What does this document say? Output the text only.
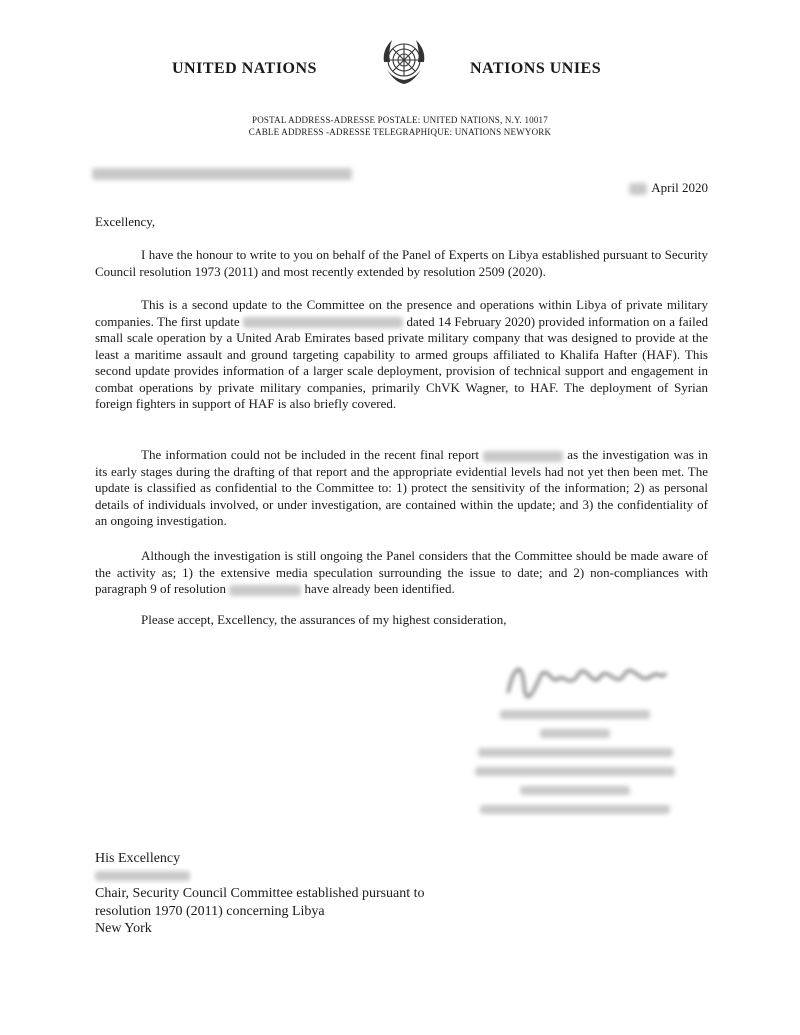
UNITED NATIONS	NATIONS UNIES
POSTAL ADDRESS-ADRESSE POSTALE: UNITED NATIONS, N.Y. 10017
CABLE ADDRESS -ADRESSE TELEGRAPHIQUE: UNATIONS NEWYORK
April 2020
Excellency,

I have the honour to write to you on behalf of the Panel of Experts on Libya established pursuant to Security Council resolution 1973 (2011) and most recently extended by resolution 2509 (2020).

This is a second update to the Committee on the presence and operations within Libya of private military companies. The first update	dated 14 February 2020) provided information on a failed small scale operation by a United Arab Emirates based private military company that was designed to provide at the least a maritime assault and ground targeting capability to armed groups affiliated to Khalifa Hafter (HAF). This second update provides information of a larger scale deployment, provision of technical support and engagement in combat operations by private military companies, primarily ChVK Wagner, to HAF. The deployment of Syrian foreign fighters in support of HAF is also briefly covered.

The information could not be included in the recent final report	as the investigation was in its early stages during the drafting of that report and the appropriate evidential levels had not yet then been met. The update is classified as confidential to the Committee to: 1) protect the sensitivity of the information; 2) as personal details of individuals involved, or under investigation, are contained within the update; and 3) the confidentiality of an ongoing investigation.

Although the investigation is still ongoing the Panel considers that the Committee should be made aware of the activity as; 1) the extensive media speculation surrounding the issue to date; and 2) non-compliances with paragraph 9 of resolution	have already been identified.

Please accept, Excellency, the assurances of my highest consideration,

His Excellency
Chair, Security Council Committee established pursuant to
resolution 1970 (2011) concerning Libya
New York
